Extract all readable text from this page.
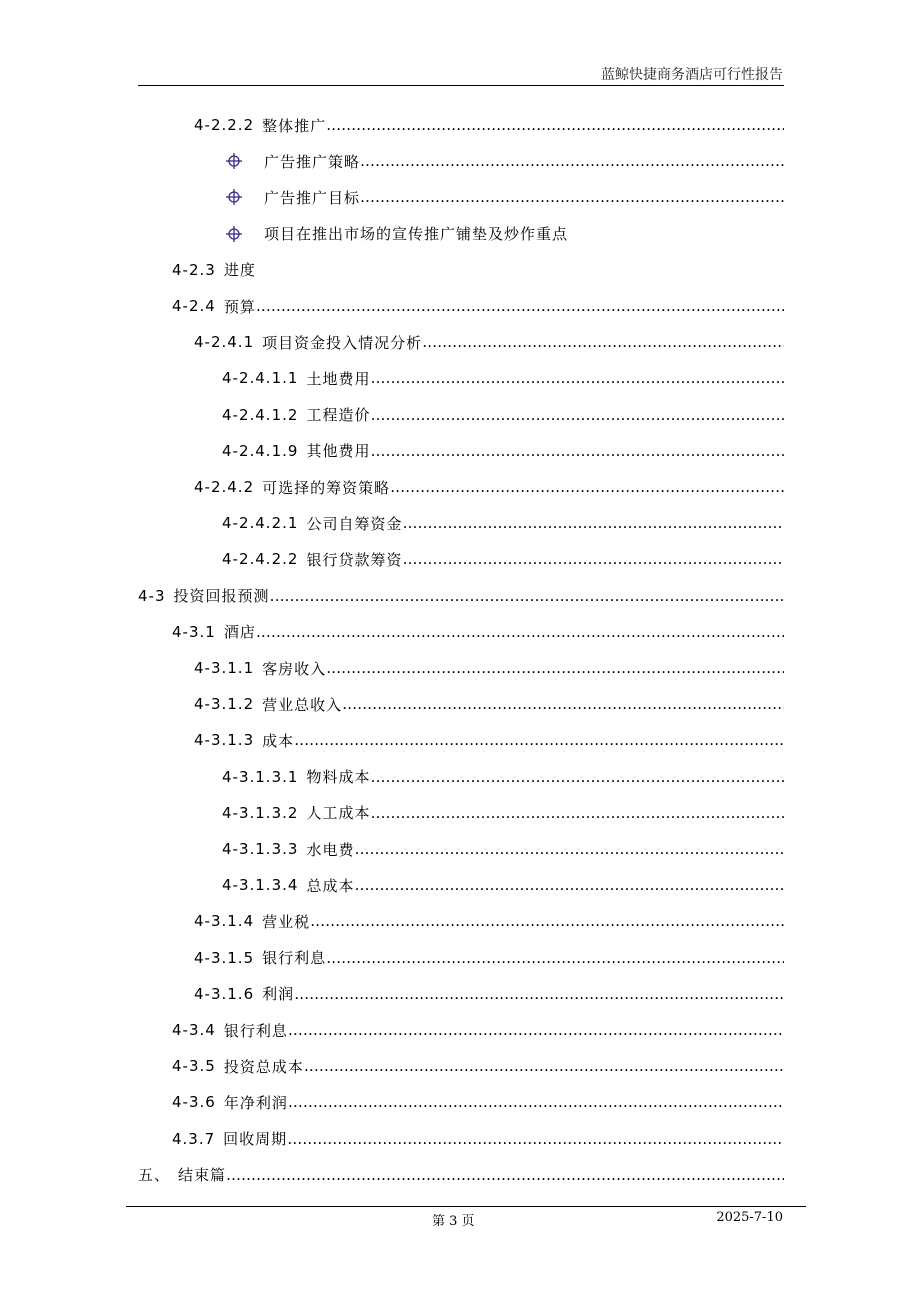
蓝鲸快捷商务酒店可行性报告
4-2.2.2 整体推广
…………………………………………………………………………………………………………………………………………………
广告推广策略
…………………………………………………………………………………………………………………………………………………
广告推广目标
…………………………………………………………………………………………………………………………………………………
项目在推出市场的宣传推广铺垫及炒作重点
4-2.3 进度
4-2.4 预算
…………………………………………………………………………………………………………………………………………………
4-2.4.1 项目资金投入情况分析
…………………………………………………………………………………………………………………………………………………
4-2.4.1.1 土地费用
…………………………………………………………………………………………………………………………………………………
4-2.4.1.2 工程造价
…………………………………………………………………………………………………………………………………………………
4-2.4.1.9 其他费用
…………………………………………………………………………………………………………………………………………………
4-2.4.2 可选择的筹资策略
…………………………………………………………………………………………………………………………………………………
4-2.4.2.1 公司自筹资金
…………………………………………………………………………………………………………………………………………………
4-2.4.2.2 银行贷款筹资
…………………………………………………………………………………………………………………………………………………
4-3 投资回报预测
…………………………………………………………………………………………………………………………………………………
4-3.1 酒店
…………………………………………………………………………………………………………………………………………………
4-3.1.1 客房收入
…………………………………………………………………………………………………………………………………………………
4-3.1.2 营业总收入
…………………………………………………………………………………………………………………………………………………
4-3.1.3 成本
…………………………………………………………………………………………………………………………………………………
4-3.1.3.1 物料成本
…………………………………………………………………………………………………………………………………………………
4-3.1.3.2 人工成本
…………………………………………………………………………………………………………………………………………………
4-3.1.3.3 水电费
…………………………………………………………………………………………………………………………………………………
4-3.1.3.4 总成本
…………………………………………………………………………………………………………………………………………………
4-3.1.4 营业税
…………………………………………………………………………………………………………………………………………………
4-3.1.5 银行利息
…………………………………………………………………………………………………………………………………………………
4-3.1.6 利润
…………………………………………………………………………………………………………………………………………………
4-3.4 银行利息
…………………………………………………………………………………………………………………………………………………
4-3.5 投资总成本
…………………………………………………………………………………………………………………………………………………
4-3.6 年净利润
…………………………………………………………………………………………………………………………………………………
4.3.7 回收周期
…………………………………………………………………………………………………………………………………………………
五、 结束篇
…………………………………………………………………………………………………………………………………………………
第 3 页	2025-7-10
